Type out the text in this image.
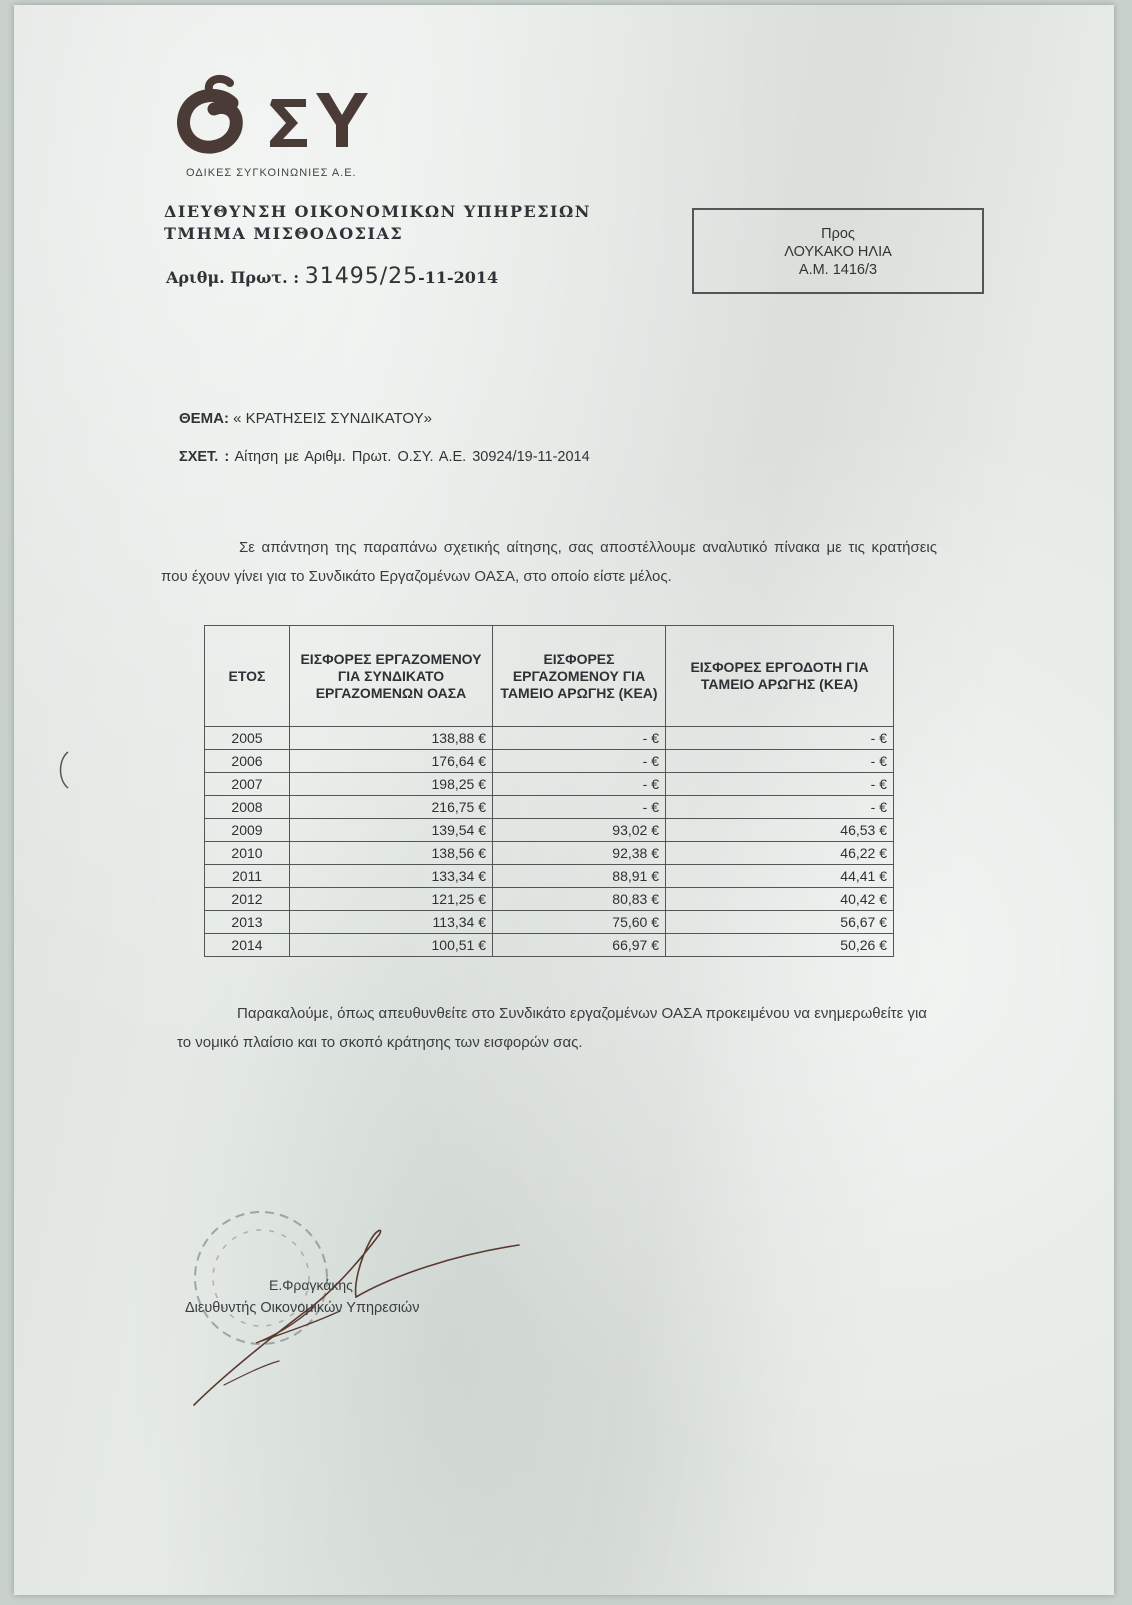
ΟΔΙΚΕΣ ΣΥΓΚΟΙΝΩΝΙΕΣ Α.Ε.
ΔΙΕΥΘΥΝΣΗ ΟΙΚΟΝΟΜΙΚΩΝ ΥΠΗΡΕΣΙΩΝ
ΤΜΗΜΑ ΜΙΣΘΟΔΟΣΙΑΣ
Αριθμ. Πρωτ. : 31495/25-11-2014
Προς
ΛΟΥΚΑΚΟ ΗΛΙΑ
Α.Μ. 1416/3
ΘΕΜΑ: « ΚΡΑΤΗΣΕΙΣ ΣΥΝΔΙΚΑΤΟΥ»
ΣΧΕΤ. : Αίτηση με Αριθμ. Πρωτ. Ο.ΣΥ. Α.Ε. 30924/19-11-2014
Σε απάντηση της παραπάνω σχετικής αίτησης, σας αποστέλλουμε αναλυτικό πίνακα με τις κρατήσεις που έχουν γίνει για το Συνδικάτο Εργαζομένων ΟΑΣΑ, στο οποίο είστε μέλος.
ΕΤΟΣ	ΕΙΣΦΟΡΕΣ ΕΡΓΑΖΟΜΕΝΟΥ ΓΙΑ ΣΥΝΔΙΚΑΤΟ ΕΡΓΑΖΟΜΕΝΩΝ ΟΑΣΑ	ΕΙΣΦΟΡΕΣ ΕΡΓΑΖΟΜΕΝΟΥ ΓΙΑ ΤΑΜΕΙΟ ΑΡΩΓΗΣ (ΚΕΑ)	ΕΙΣΦΟΡΕΣ ΕΡΓΟΔΟΤΗ ΓΙΑ ΤΑΜΕΙΟ ΑΡΩΓΗΣ (ΚΕΑ)
2005	138,88 €	- €	- €
2006	176,64 €	- €	- €
2007	198,25 €	- €	- €
2008	216,75 €	- €	- €
2009	139,54 €	93,02 €	46,53 €
2010	138,56 €	92,38 €	46,22 €
2011	133,34 €	88,91 €	44,41 €
2012	121,25 €	80,83 €	40,42 €
2013	113,34 €	75,60 €	56,67 €
2014	100,51 €	66,97 €	50,26 €
Παρακαλούμε, όπως απευθυνθείτε στο Συνδικάτο εργαζομένων ΟΑΣΑ προκειμένου να ενημερωθείτε για το νομικό πλαίσιο και το σκοπό κράτησης των εισφορών σας.
Ε.Φραγκάκης
Διευθυντής Οικονομικών Υπηρεσιών
